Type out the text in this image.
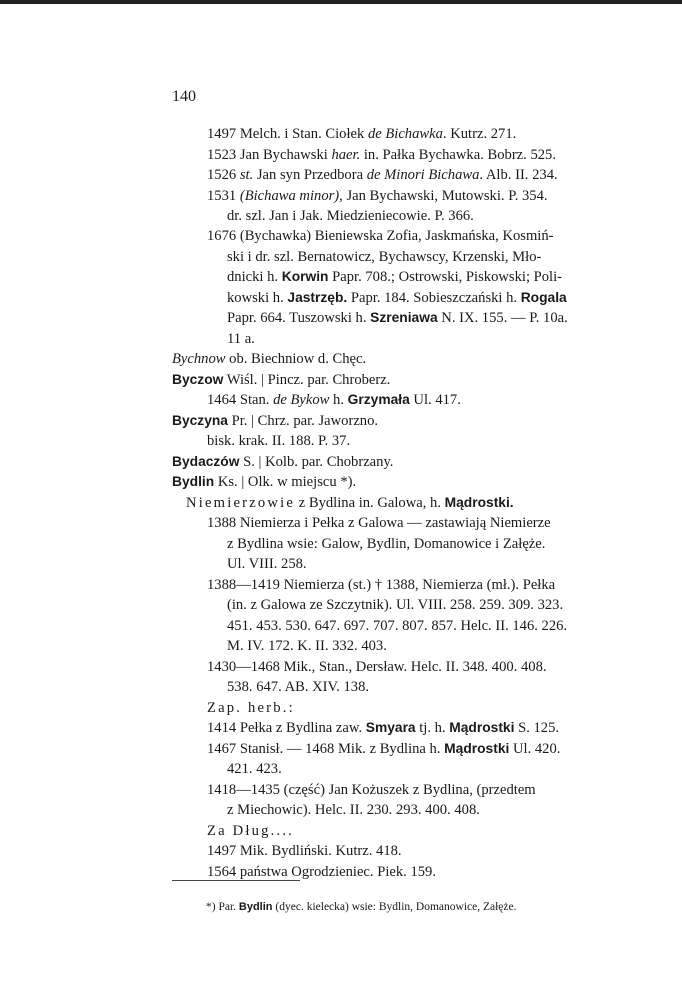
140
1497 Melch. i Stan. Ciołek de Bichawka. Kutrz. 271.
1523 Jan Bychawski haer. in. Pałka Bychawka. Bobrz. 525.
1526 st. Jan syn Przedbora de Minori Bichawa. Alb. II. 234.
1531 (Bichawa minor), Jan Bychawski, Mutowski. P. 354.
dr. szl. Jan i Jak. Miedzieniecowie. P. 366.
1676 (Bychawka) Bieniewska Zofia, Jaskmańska, Kosmiń-
ski i dr. szl. Bernatowicz, Bychawscy, Krzenski, Mło-
dnicki h. Korwin Papr. 708.; Ostrowski, Piskowski; Poli-
kowski h. Jastrzęb. Papr. 184. Sobieszczański h. Rogala
Papr. 664. Tuszowski h. Szreniawa N. IX. 155. — P. 10a.
11 a.
Bychnow ob. Biechniow d. Chęc.
Byczow Wiśl. | Pincz. par. Chroberz.
1464 Stan. de Bykow h. Grzymała Ul. 417.
Byczyna Pr. | Chrz. par. Jaworzno.
bisk. krak. II. 188. P. 37.
Bydaczów S. | Kolb. par. Chobrzany.
Bydlin Ks. | Olk. w miejscu *).
Niemierzowie z Bydlina in. Galowa, h. Mądrostki.
1388 Niemierza i Pełka z Galowa — zastawiają Niemierze
z Bydlina wsie: Galow, Bydlin, Domanowice i Załęże.
Ul. VIII. 258.
1388—1419 Niemierza (st.) † 1388, Niemierza (mł.). Pełka
(in. z Galowa ze Szczytnik). Ul. VIII. 258. 259. 309. 323.
451. 453. 530. 647. 697. 707. 807. 857. Helc. II. 146. 226.
M. IV. 172. K. II. 332. 403.
1430—1468 Mik., Stan., Dersław. Helc. II. 348. 400. 408.
538. 647. AB. XIV. 138.
Zap. herb.:
1414 Pełka z Bydlina zaw. Smyara tj. h. Mądrostki S. 125.
1467 Stanisł. — 1468 Mik. z Bydlina h. Mądrostki Ul. 420.
421. 423.
1418—1435 (część) Jan Kożuszek z Bydlina, (przedtem
z Miechowic). Helc. II. 230. 293. 400. 408.
Za Dług....
1497 Mik. Bydliński. Kutrz. 418.
1564 państwa Ogrodzieniec. Piek. 159.
*) Par. Bydlin (dyec. kielecka) wsie: Bydlin, Domanowice, Załęże.
